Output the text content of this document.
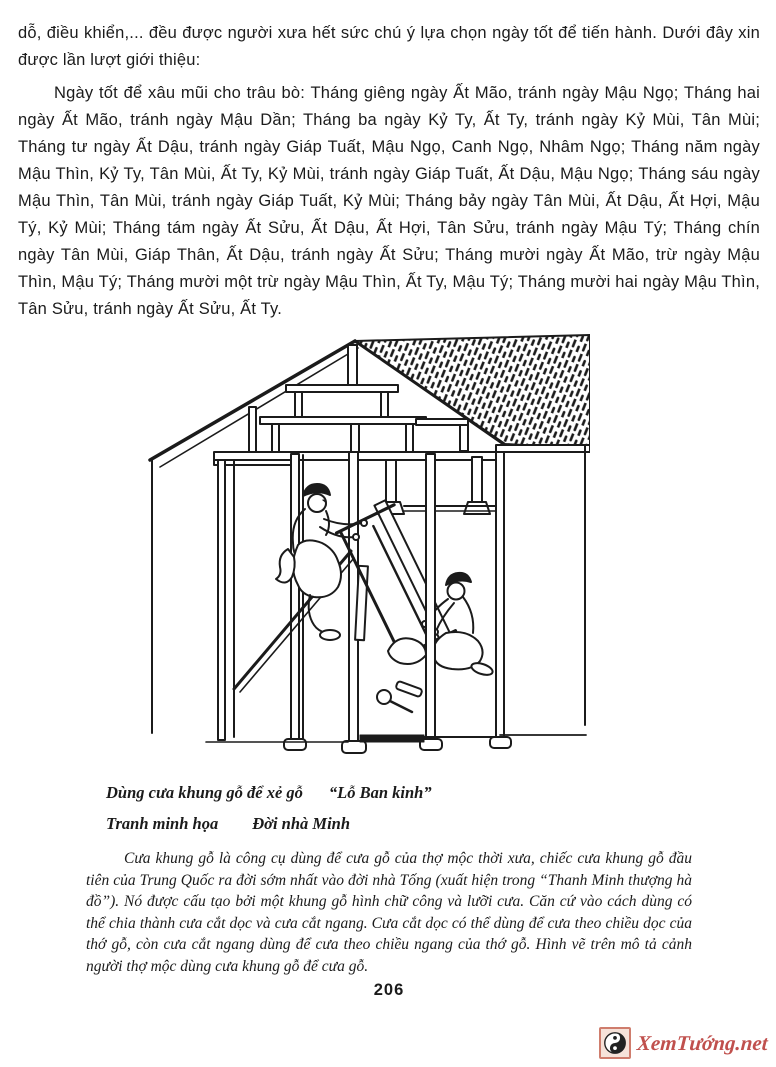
dỗ, điều khiển,... đều được người xưa hết sức chú ý lựa chọn ngày tốt để tiến hành. Dưới đây xin được lần lượt giới thiệu:

Ngày tốt để xâu mũi cho trâu bò: Tháng giêng ngày Ất Mão, tránh ngày Mậu Ngọ; Tháng hai ngày Ất Mão, tránh ngày Mậu Dần; Tháng ba ngày Kỷ Ty, Ất Ty, tránh ngày Kỷ Mùi, Tân Mùi; Tháng tư ngày Ất Dậu, tránh ngày Giáp Tuất, Mậu Ngọ, Canh Ngọ, Nhâm Ngọ; Tháng năm ngày Mậu Thìn, Kỷ Ty, Tân Mùi, Ất Ty, Kỷ Mùi, tránh ngày Giáp Tuất, Ất Dậu, Mậu Ngọ; Tháng sáu ngày Mậu Thìn, Tân Mùi, tránh ngày Giáp Tuất, Kỷ Mùi; Tháng bảy ngày Tân Mùi, Ất Dậu, Ất Hợi, Mậu Tý, Kỷ Mùi; Tháng tám ngày Ất Sửu, Ất Dậu, Ất Hợi, Tân Sửu, tránh ngày Mậu Tý; Tháng chín ngày Tân Mùi, Giáp Thân, Ất Dậu, tránh ngày Ất Sửu; Tháng mười ngày Ất Mão, trừ ngày Mậu Thìn, Mậu Tý; Tháng mười một trừ ngày Mậu Thìn, Ất Ty, Mậu Tý; Tháng mười hai ngày Mậu Thìn, Tân Sửu, tránh ngày Ất Sửu, Ất Ty.

Dùng cưa khung gỗ để xẻ gỗ “Lỗ Ban kinh”
Tranh minh họa Đời nhà Minh

Cưa khung gỗ là công cụ dùng để cưa gỗ của thợ mộc thời xưa, chiếc cưa khung gỗ đầu tiên của Trung Quốc ra đời sớm nhất vào đời nhà Tống (xuất hiện trong “Thanh Minh thượng hà đồ”). Nó được cấu tạo bởi một khung gỗ hình chữ công và lưỡi cưa. Căn cứ vào cách dùng có thể chia thành cưa cắt dọc và cưa cắt ngang. Cưa cắt dọc có thể dùng để cưa theo chiều dọc của thớ gỗ, còn cưa cắt ngang dùng để cưa theo chiều ngang của thớ gỗ. Hình vẽ trên mô tả cảnh người thợ mộc dùng cưa khung gỗ để cưa gỗ.

206
XemTướng.net
